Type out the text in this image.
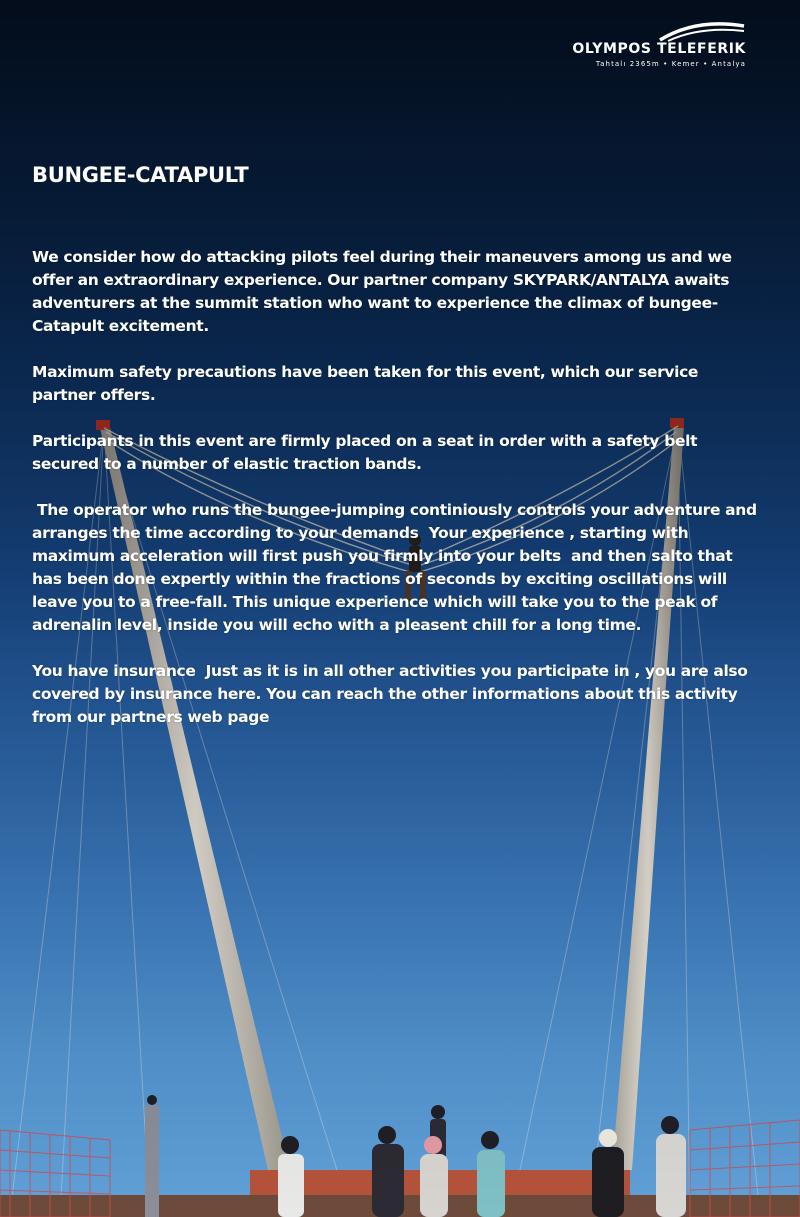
OLYMPOS TELEFERIK
Tahtalı 2365m • Kemer • Antalya
BUNGEE-CATAPULT

We consider how do attacking pilots feel during their maneuvers among us and we offer an extraordinary experience. Our partner company SKYPARK/ANTALYA awaits adventurers at the summit station who want to experience the climax of bungee-Catapult excitement.

Maximum safety precautions have been taken for this event, which our service partner offers.

Participants in this event are firmly placed on a seat in order with a safety belt secured to a number of elastic traction bands.

The operator who runs the bungee-jumping continiously controls your adventure and arranges the time according to your demands  Your experience , starting with maximum acceleration will first push you firmly into your belts  and then salto that has been done expertly within the fractions of seconds by exciting oscillations will leave you to a free-fall. This unique experience which will take you to the peak of adrenalin level, inside you will echo with a pleasent chill for a long time.

You have insurance  Just as it is in all other activities you participate in , you are also covered by insurance here. You can reach the other informations about this activity from our partners web page
